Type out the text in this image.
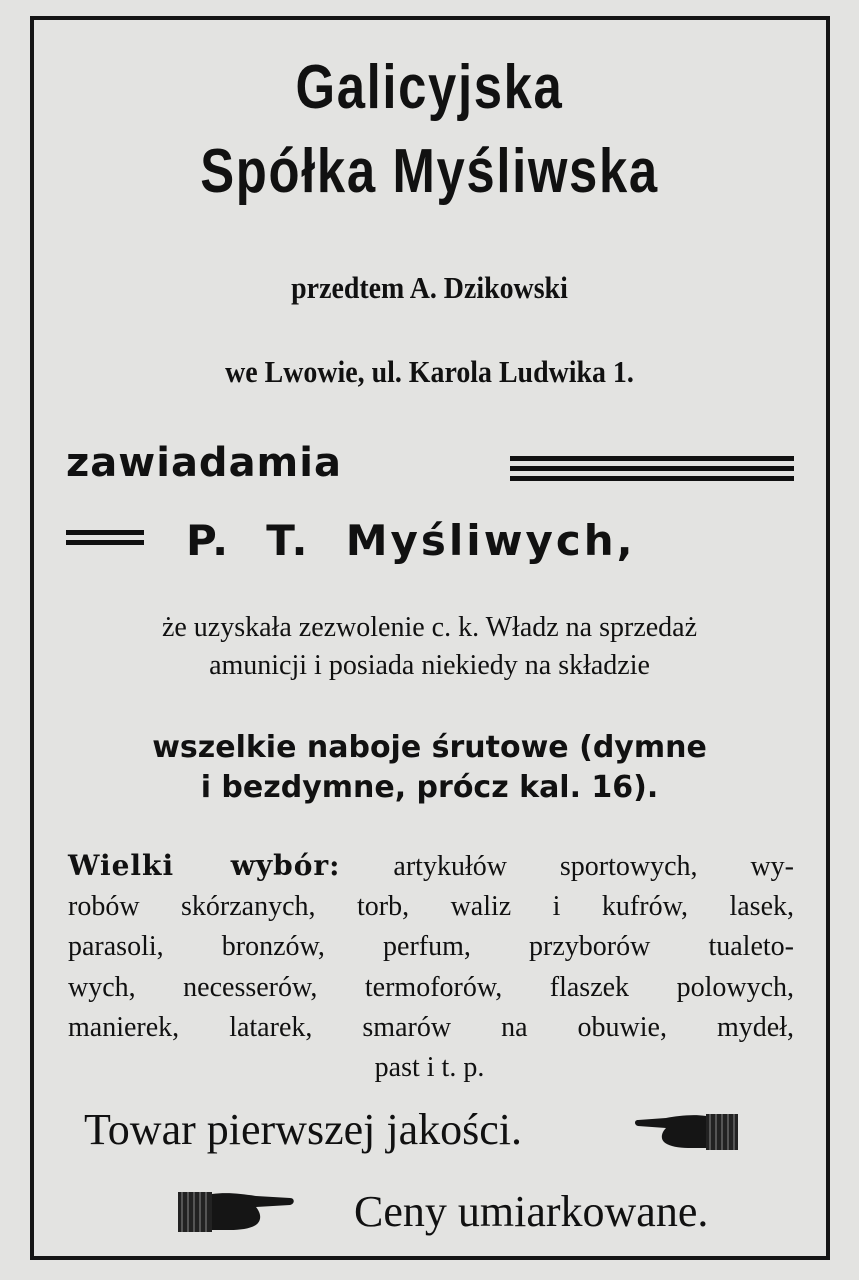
Galicyjska
Spółka Myśliwska
przedtem A. Dzikowski
we Lwowie, ul. Karola Ludwika 1.
zawiadamia
P.  T.  Myśliwych,
że uzyskała zezwolenie c. k. Władz na sprzedaż
amunicji i posiada niekiedy na składzie
wszelkie naboje śrutowe (dymne
i bezdymne, prócz kal. 16).
Wielki wybór: artykułów sportowych, wy-
robów skórzanych, torb, waliz i kufrów, lasek,
parasoli, bronzów, perfum, przyborów tualeto-
wych, necesserów, termoforów, flaszek polowych,
manierek, latarek, smarów na obuwie, mydeł,
past i t. p.
Towar pierwszej jakości.
Ceny umiarkowane.
